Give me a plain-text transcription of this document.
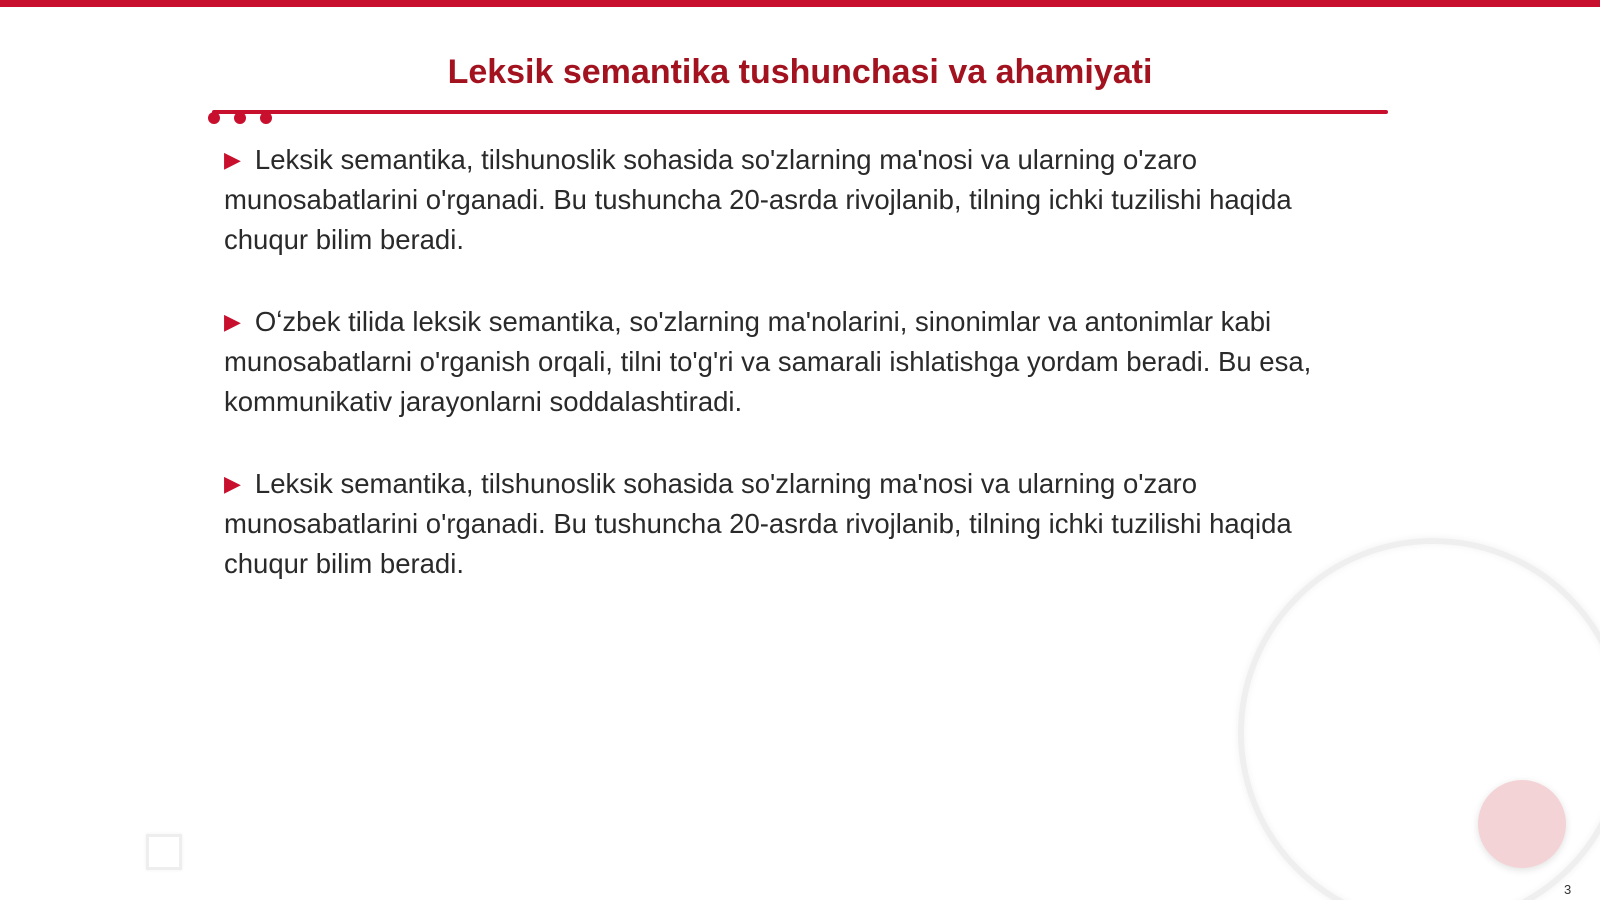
Leksik semantika tushunchasi va ahamiyati

▶ Leksik semantika, tilshunoslik sohasida so'zlarning ma'nosi va ularning o'zaro munosabatlarini o'rganadi. Bu tushuncha 20-asrda rivojlanib, tilning ichki tuzilishi haqida chuqur bilim beradi.

▶ Oʻzbek tilida leksik semantika, so'zlarning ma'nolarini, sinonimlar va antonimlar kabi munosabatlarni o'rganish orqali, tilni to'g'ri va samarali ishlatishga yordam beradi. Bu esa, kommunikativ jarayonlarni soddalashtiradi.

▶ Leksik semantika, tilshunoslik sohasida so'zlarning ma'nosi va ularning o'zaro munosabatlarini o'rganadi. Bu tushuncha 20-asrda rivojlanib, tilning ichki tuzilishi haqida chuqur bilim beradi.

3
